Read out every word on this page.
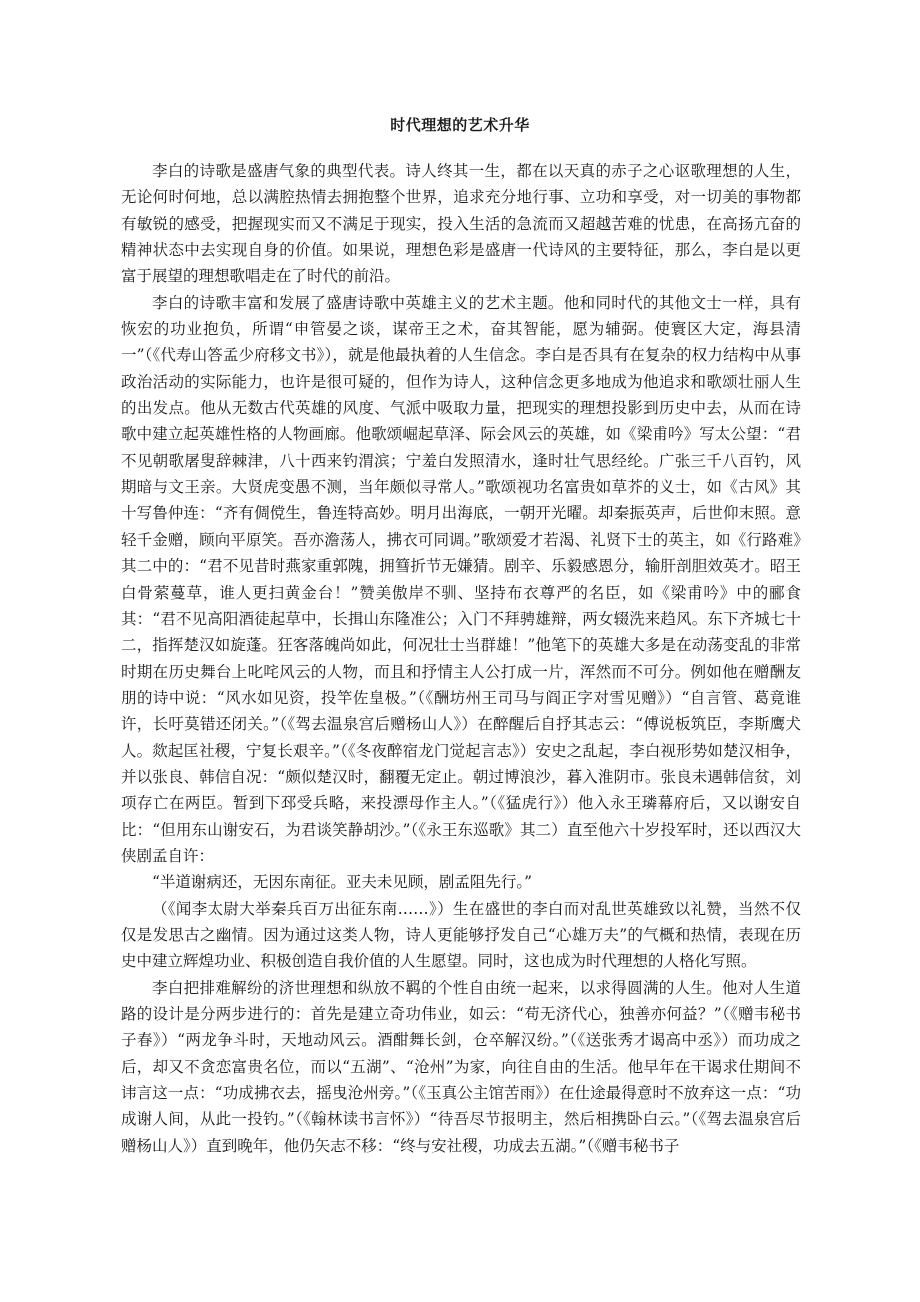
时代理想的艺术升华

李白的诗歌是盛唐气象的典型代表。诗人终其一生，都在以天真的赤子之心讴歌理想的人生，无论何时何地，总以满腔热情去拥抱整个世界，追求充分地行事、立功和享受，对一切美的事物都有敏锐的感受，把握现实而又不满足于现实，投入生活的急流而又超越苦难的忧患，在高扬亢奋的精神状态中去实现自身的价值。如果说，理想色彩是盛唐一代诗风的主要特征，那么，李白是以更富于展望的理想歌唱走在了时代的前沿。

李白的诗歌丰富和发展了盛唐诗歌中英雄主义的艺术主题。他和同时代的其他文士一样，具有恢宏的功业抱负，所谓“申管晏之谈，谋帝王之术，奋其智能，愿为辅弼。使寰区大定，海县清一”（《代寿山答孟少府移文书》），就是他最执着的人生信念。李白是否具有在复杂的权力结构中从事政治活动的实际能力，也许是很可疑的，但作为诗人，这种信念更多地成为他追求和歌颂壮丽人生的出发点。他从无数古代英雄的风度、气派中吸取力量，把现实的理想投影到历史中去，从而在诗歌中建立起英雄性格的人物画廊。他歌颂崛起草泽、际会风云的英雄，如《梁甫吟》写太公望：“君不见朝歌屠叟辞棘津，八十西来钓渭滨；宁羞白发照清水，逢时壮气思经纶。广张三千八百钓，风期暗与文王亲。大贤虎变愚不测，当年颇似寻常人。”歌颂视功名富贵如草芥的义士，如《古风》其十写鲁仲连：“齐有倜傥生，鲁连特高妙。明月出海底，一朝开光曜。却秦振英声，后世仰末照。意轻千金赠，顾向平原笑。吾亦澹荡人，拂衣可同调。”歌颂爱才若渴、礼贤下士的英主，如《行路难》其二中的：“君不见昔时燕家重郭隗，拥篲折节无嫌猜。剧辛、乐毅感恩分，输肝剖胆效英才。昭王白骨萦蔓草，谁人更扫黄金台！”赞美傲岸不驯、坚持布衣尊严的名臣，如《梁甫吟》中的郦食其：“君不见高阳酒徒起草中，长揖山东隆准公；入门不拜骋雄辩，两女辍洗来趋风。东下齐城七十二，指挥楚汉如旋蓬。狂客落魄尚如此，何况壮士当群雄！”他笔下的英雄大多是在动荡变乱的非常时期在历史舞台上叱咤风云的人物，而且和抒情主人公打成一片，浑然而不可分。例如他在赠酬友朋的诗中说：“风水如见资，投竿佐皇极。”（《酬坊州王司马与阎正字对雪见赠》）“自言管、葛竟谁许，长吁莫错还闭关。”（《驾去温泉宫后赠杨山人》）在醉醒后自抒其志云：“傅说板筑臣，李斯鹰犬人。欻起匡社稷，宁复长艰辛。”（《冬夜醉宿龙门觉起言志》）安史之乱起，李白视形势如楚汉相争，并以张良、韩信自况：“颇似楚汉时，翻覆无定止。朝过博浪沙，暮入淮阴市。张良未遇韩信贫，刘项存亡在两臣。暂到下邳受兵略，来投漂母作主人。”（《猛虎行》）他入永王璘幕府后，又以谢安自比：“但用东山谢安石，为君谈笑静胡沙。”（《永王东巡歌》其二）直至他六十岁投军时，还以西汉大侠剧孟自许：

“半道谢病还，无因东南征。亚夫未见顾，剧孟阻先行。”

（《闻李太尉大举秦兵百万出征东南……》）生在盛世的李白而对乱世英雄致以礼赞，当然不仅仅是发思古之幽情。因为通过这类人物，诗人更能够抒发自己“心雄万夫”的气概和热情，表现在历史中建立辉煌功业、积极创造自我价值的人生愿望。同时，这也成为时代理想的人格化写照。

李白把排难解纷的济世理想和纵放不羁的个性自由统一起来，以求得圆满的人生。他对人生道路的设计是分两步进行的：首先是建立奇功伟业，如云：“苟无济代心，独善亦何益？”（《赠韦秘书子春》）“两龙争斗时，天地动风云。酒酣舞长剑，仓卒解汉纷。”（《送张秀才谒高中丞》）而功成之后，却又不贪恋富贵名位，而以“五湖”、“沧州”为家，向往自由的生活。他早年在干谒求仕期间不讳言这一点：“功成拂衣去，摇曳沧州旁。”（《玉真公主馆苦雨》）在仕途最得意时不放弃这一点：“功成谢人间，从此一投钓。”（《翰林读书言怀》）“待吾尽节报明主，然后相携卧白云。”（《驾去温泉宫后赠杨山人》）直到晚年，他仍矢志不移：“终与安社稷，功成去五湖。”（《赠韦秘书子
